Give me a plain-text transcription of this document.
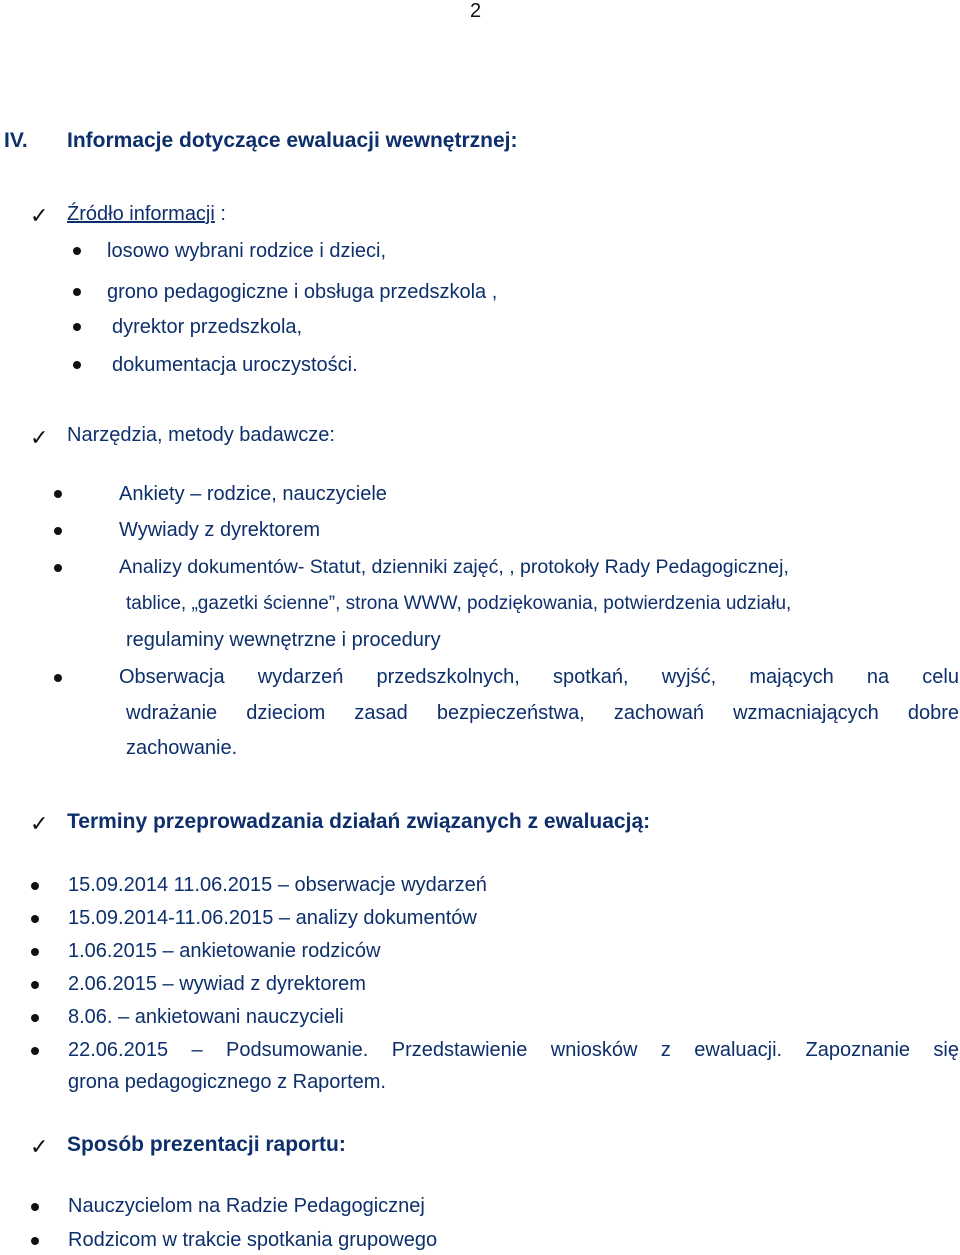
2
IV. Informacje dotyczące ewaluacji wewnętrznej:
✓ Źródło informacji :
losowo wybrani rodzice i dzieci,
grono pedagogiczne i obsługa przedszkola ,
dyrektor przedszkola,
dokumentacja uroczystości.
✓ Narzędzia, metody badawcze:
Ankiety – rodzice, nauczyciele
Wywiady z dyrektorem
Analizy dokumentów- Statut, dzienniki zajęć, , protokoły Rady Pedagogicznej,
tablice, „gazetki ścienne”, strona WWW, podziękowania, potwierdzenia udziału,
regulaminy wewnętrzne i procedury
Obserwacja wydarzeń przedszkolnych, spotkań, wyjść, mających na celu
wdrażanie dzieciom zasad bezpieczeństwa, zachowań wzmacniających dobre
zachowanie.
✓ Terminy przeprowadzania działań związanych z ewaluacją:
15.09.2014 11.06.2015 – obserwacje wydarzeń
15.09.2014-11.06.2015 – analizy dokumentów
1.06.2015 – ankietowanie rodziców
2.06.2015 – wywiad z dyrektorem
8.06. – ankietowani nauczycieli
22.06.2015 – Podsumowanie. Przedstawienie wniosków z ewaluacji. Zapoznanie się
grona pedagogicznego z Raportem.
✓ Sposób prezentacji raportu:
Nauczycielom na Radzie Pedagogicznej
Rodzicom w trakcie spotkania grupowego
